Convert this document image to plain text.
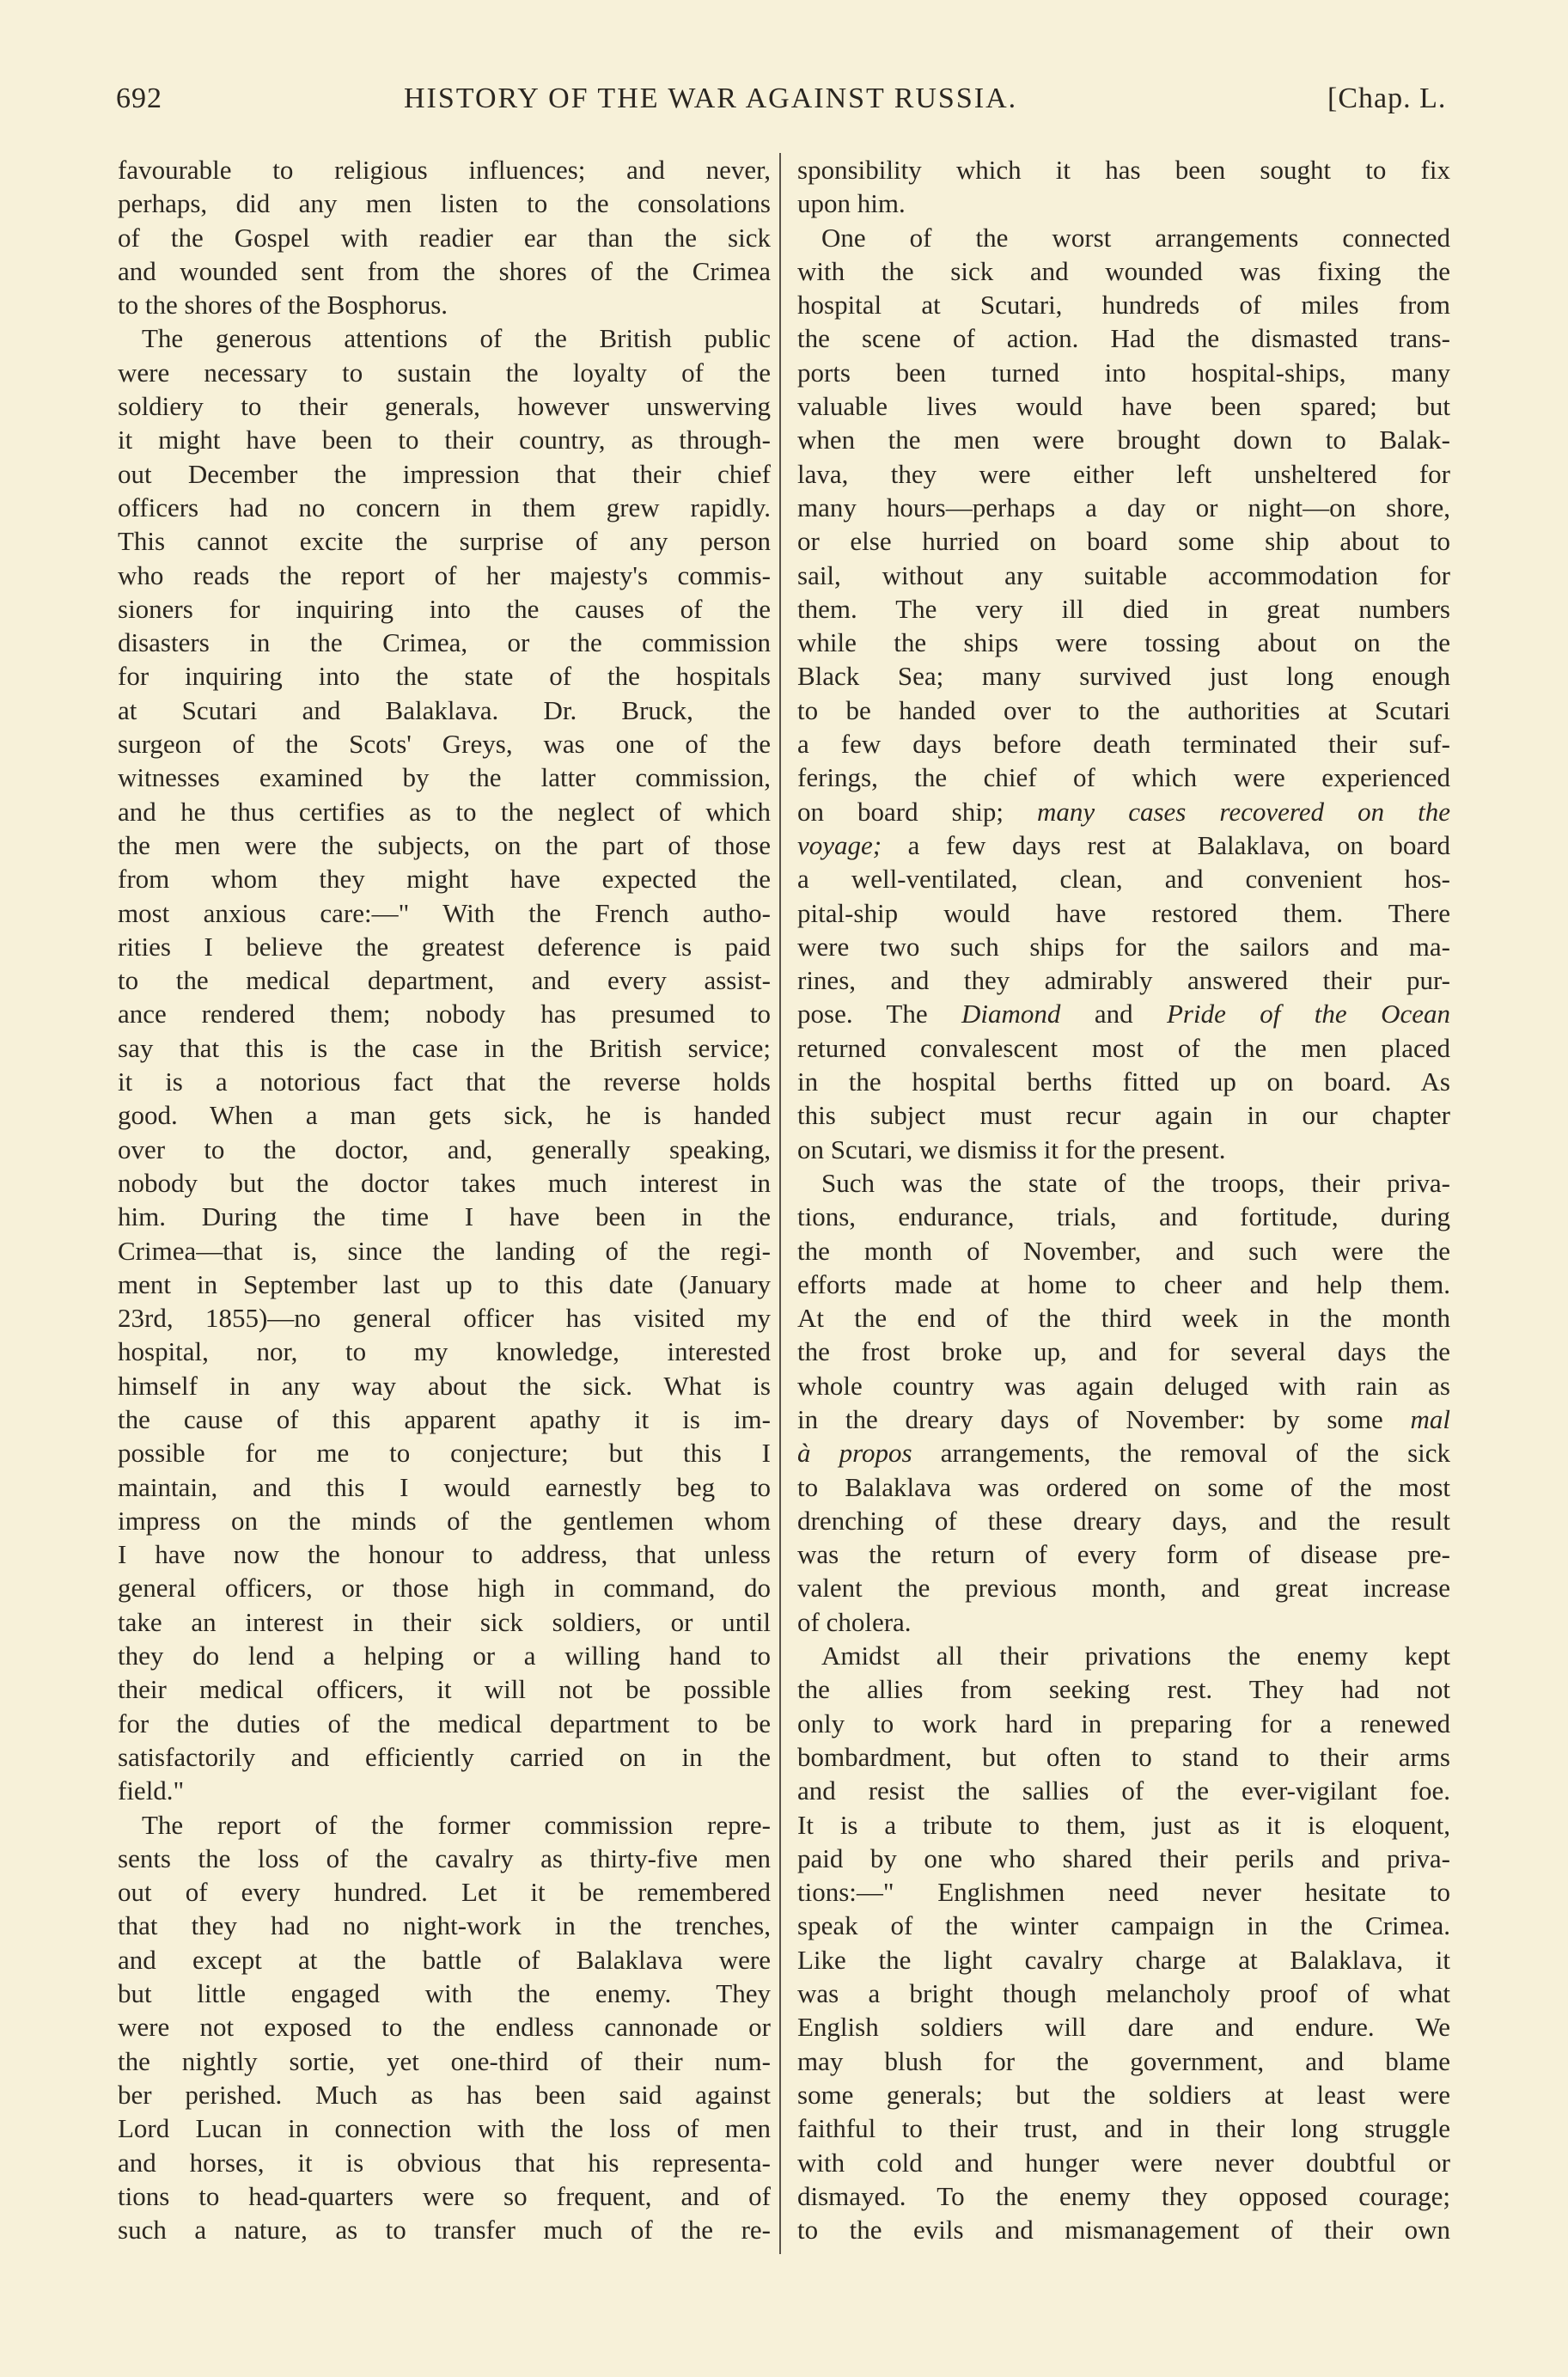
692	HISTORY OF THE WAR AGAINST RUSSIA.	[Chap. L.
favourable to religious influences; and never,
perhaps, did any men listen to the consolations
of the Gospel with readier ear than the sick
and wounded sent from the shores of the Crimea
to the shores of the Bosphorus.
The generous attentions of the British public
were necessary to sustain the loyalty of the
soldiery to their generals, however unswerving
it might have been to their country, as through-
out December the impression that their chief
officers had no concern in them grew rapidly.
This cannot excite the surprise of any person
who reads the report of her majesty's commis-
sioners for inquiring into the causes of the
disasters in the Crimea, or the commission
for inquiring into the state of the hospitals
at Scutari and Balaklava. Dr. Bruck, the
surgeon of the Scots' Greys, was one of the
witnesses examined by the latter commission,
and he thus certifies as to the neglect of which
the men were the subjects, on the part of those
from whom they might have expected the
most anxious care:—" With the French autho-
rities I believe the greatest deference is paid
to the medical department, and every assist-
ance rendered them; nobody has presumed to
say that this is the case in the British service;
it is a notorious fact that the reverse holds
good. When a man gets sick, he is handed
over to the doctor, and, generally speaking,
nobody but the doctor takes much interest in
him. During the time I have been in the
Crimea—that is, since the landing of the regi-
ment in September last up to this date (January
23rd, 1855)—no general officer has visited my
hospital, nor, to my knowledge, interested
himself in any way about the sick. What is
the cause of this apparent apathy it is im-
possible for me to conjecture; but this I
maintain, and this I would earnestly beg to
impress on the minds of the gentlemen whom
I have now the honour to address, that unless
general officers, or those high in command, do
take an interest in their sick soldiers, or until
they do lend a helping or a willing hand to
their medical officers, it will not be possible
for the duties of the medical department to be
satisfactorily and efficiently carried on in the
field."
The report of the former commission repre-
sents the loss of the cavalry as thirty-five men
out of every hundred. Let it be remembered
that they had no night-work in the trenches,
and except at the battle of Balaklava were
but little engaged with the enemy. They
were not exposed to the endless cannonade or
the nightly sortie, yet one-third of their num-
ber perished. Much as has been said against
Lord Lucan in connection with the loss of men
and horses, it is obvious that his representa-
tions to head-quarters were so frequent, and of
such a nature, as to transfer much of the re-
sponsibility which it has been sought to fix
upon him.
One of the worst arrangements connected
with the sick and wounded was fixing the
hospital at Scutari, hundreds of miles from
the scene of action. Had the dismasted trans-
ports been turned into hospital-ships, many
valuable lives would have been spared; but
when the men were brought down to Balak-
lava, they were either left unsheltered for
many hours—perhaps a day or night—on shore,
or else hurried on board some ship about to
sail, without any suitable accommodation for
them. The very ill died in great numbers
while the ships were tossing about on the
Black Sea; many survived just long enough
to be handed over to the authorities at Scutari
a few days before death terminated their suf-
ferings, the chief of which were experienced
on board ship; many cases recovered on the
voyage; a few days rest at Balaklava, on board
a well-ventilated, clean, and convenient hos-
pital-ship would have restored them. There
were two such ships for the sailors and ma-
rines, and they admirably answered their pur-
pose. The Diamond and Pride of the Ocean
returned convalescent most of the men placed
in the hospital berths fitted up on board. As
this subject must recur again in our chapter
on Scutari, we dismiss it for the present.
Such was the state of the troops, their priva-
tions, endurance, trials, and fortitude, during
the month of November, and such were the
efforts made at home to cheer and help them.
At the end of the third week in the month
the frost broke up, and for several days the
whole country was again deluged with rain as
in the dreary days of November: by some mal
à propos arrangements, the removal of the sick
to Balaklava was ordered on some of the most
drenching of these dreary days, and the result
was the return of every form of disease pre-
valent the previous month, and great increase
of cholera.
Amidst all their privations the enemy kept
the allies from seeking rest. They had not
only to work hard in preparing for a renewed
bombardment, but often to stand to their arms
and resist the sallies of the ever-vigilant foe.
It is a tribute to them, just as it is eloquent,
paid by one who shared their perils and priva-
tions:—" Englishmen need never hesitate to
speak of the winter campaign in the Crimea.
Like the light cavalry charge at Balaklava, it
was a bright though melancholy proof of what
English soldiers will dare and endure. We
may blush for the government, and blame
some generals; but the soldiers at least were
faithful to their trust, and in their long struggle
with cold and hunger were never doubtful or
dismayed. To the enemy they opposed courage;
to the evils and mismanagement of their own
